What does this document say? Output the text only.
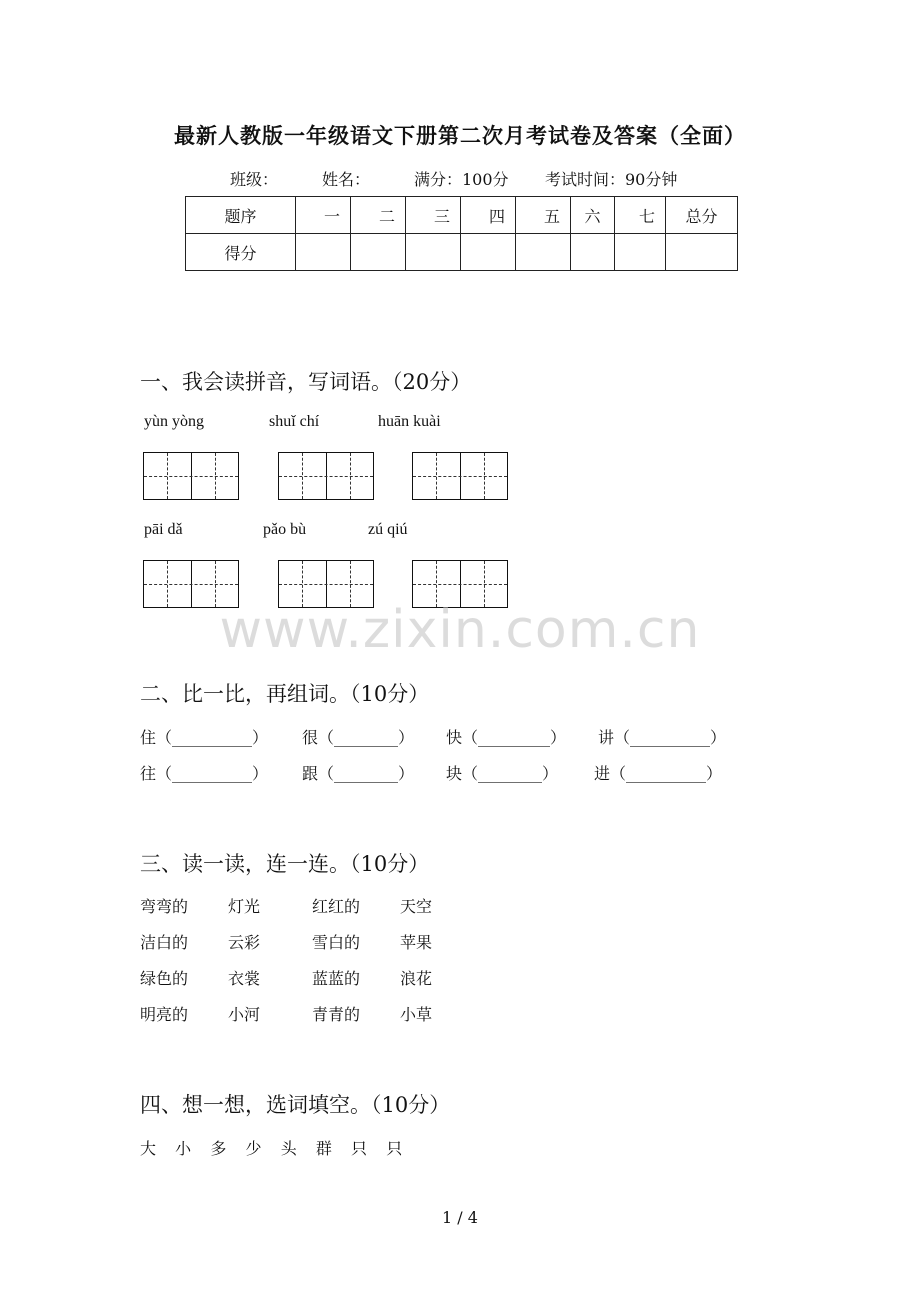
最新人教版一年级语文下册第二次月考试卷及答案（全面）
班级：	姓名：	满分：100分 考试时间：90分钟
题序	一	二	三	四	五	六	七	总分
得分								
一、我会读拼音，写词语。（20分）
yùn yòng	shuǐ chí	huān kuài
pāi dǎ	pǎo bù	zú qiú
www.zixin.com.cn
二、比一比，再组词。（10分）
住（__________） 很（________） 快（_________） 讲（__________）
往（__________） 跟（________） 块（________） 进（__________）
三、读一读，连一连。（10分）
弯弯的 灯光	红红的 天空
洁白的 云彩	雪白的 苹果
绿色的 衣裳	蓝蓝的 浪花
明亮的 小河	青青的 小草
四、想一想，选词填空。（10分）
大  小  多  少  头  群  只  只
1 / 4
